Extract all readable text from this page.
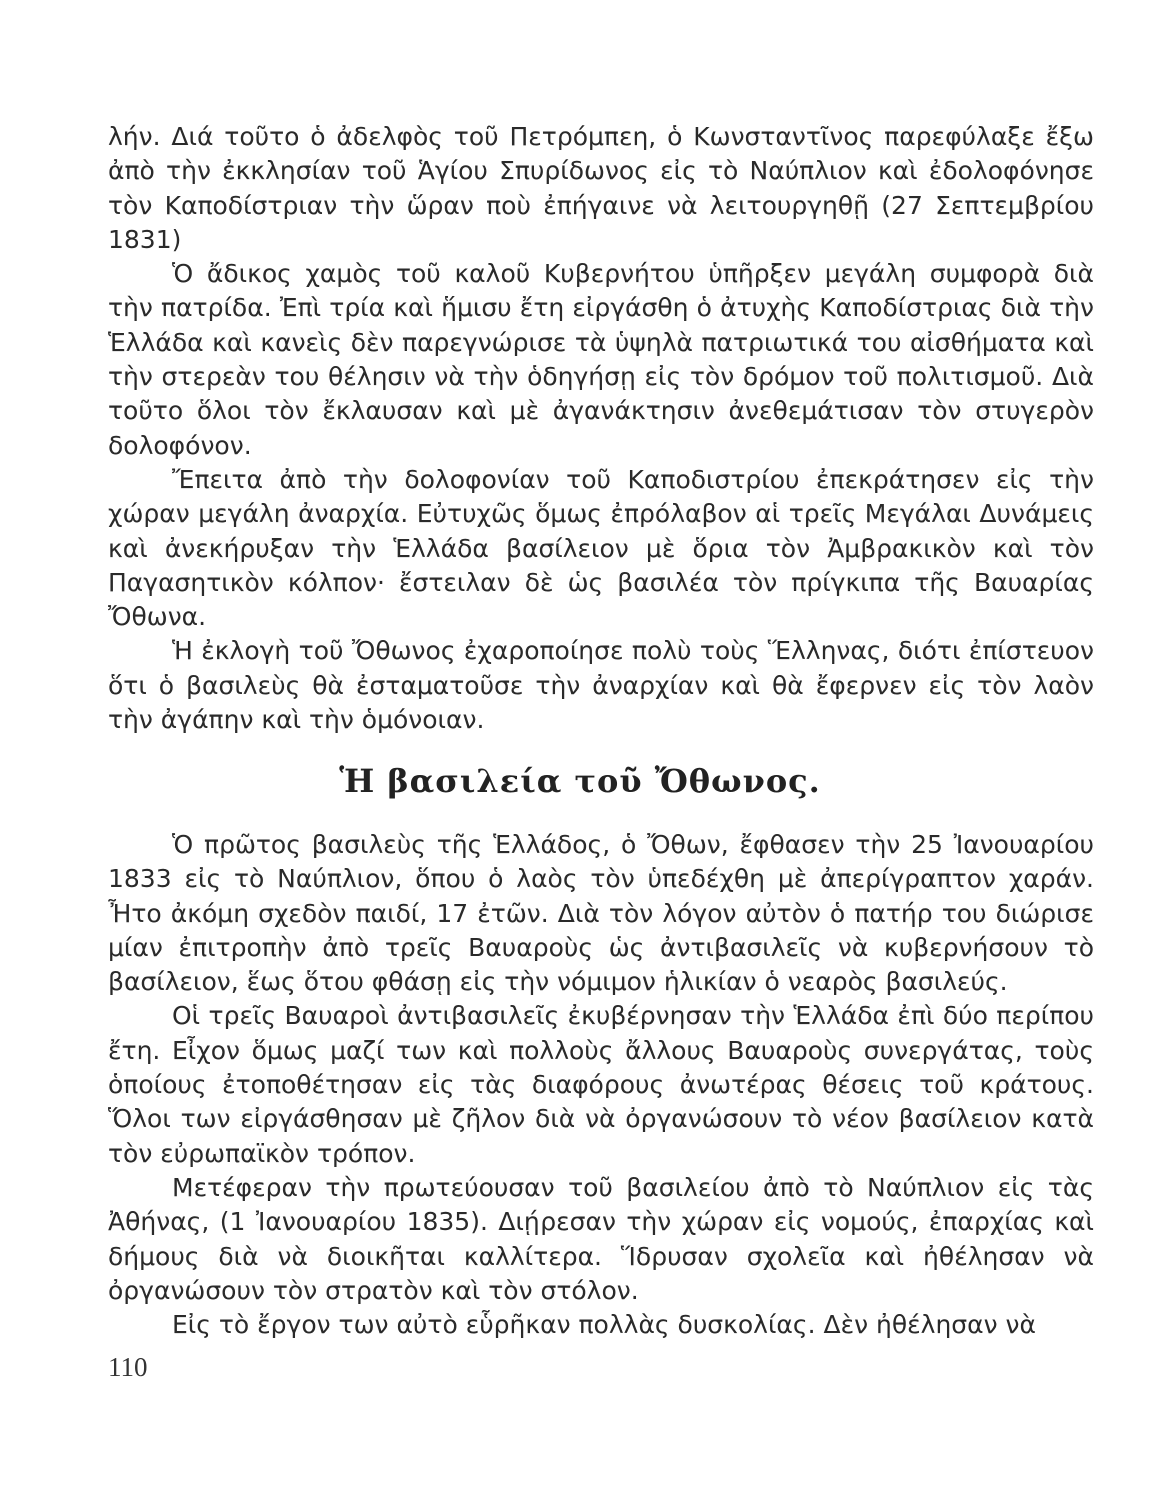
λήν. Διά τοῦτο ὁ ἀδελφὸς τοῦ Πετρόμπεη, ὁ Κωνσταντῖνος παρεφύλαξε ἔξω ἀπὸ τὴν ἐκκλησίαν τοῦ Ἁγίου Σπυρίδωνος εἰς τὸ Ναύπλιον καὶ ἐδολοφόνησε τὸν Καποδίστριαν τὴν ὥραν ποὺ ἐπήγαινε νὰ λειτουργηθῇ (27 Σεπτεμβρίου 1831)

Ὁ ἄδικος χαμὸς τοῦ καλοῦ Κυβερνήτου ὑπῆρξεν μεγάλη συμφορὰ διὰ τὴν πατρίδα. Ἐπὶ τρία καὶ ἥμισυ ἔτη εἰργάσθη ὁ ἀτυχὴς Καποδίστριας διὰ τὴν Ἑλλάδα καὶ κανεὶς δὲν παρεγνώρισε τὰ ὑψηλὰ πατριωτικά του αἰσθήματα καὶ τὴν στερεὰν του θέλησιν νὰ τὴν ὁδηγήσῃ εἰς τὸν δρόμον τοῦ πολιτισμοῦ. Διὰ τοῦτο ὅλοι τὸν ἔκλαυσαν καὶ μὲ ἀγανάκτησιν ἀνεθεμάτισαν τὸν στυγερὸν δολοφόνον.

Ἔπειτα ἀπὸ τὴν δολοφονίαν τοῦ Καποδιστρίου ἐπεκράτησεν εἰς τὴν χώραν μεγάλη ἀναρχία. Εὐτυχῶς ὅμως ἐπρόλαβον αἱ τρεῖς Μεγάλαι Δυνάμεις καὶ ἀνεκήρυξαν τὴν Ἑλλάδα βασίλειον μὲ ὅρια τὸν Ἀμβρακικὸν καὶ τὸν Παγασητικὸν κόλπον· ἔστειλαν δὲ ὡς βασιλέα τὸν πρίγκιπα τῆς Βαυαρίας Ὄθωνα.

Ἡ ἐκλογὴ τοῦ Ὄθωνος ἐχαροποίησε πολὺ τοὺς Ἕλληνας, διότι ἐπίστευον ὅτι ὁ βασιλεὺς θὰ ἐσταματοῦσε τὴν ἀναρχίαν καὶ θὰ ἔφερνεν εἰς τὸν λαὸν τὴν ἀγάπην καὶ τὴν ὁμόνοιαν.

Ἡ βασιλεία τοῦ Ὄθωνος.

Ὁ πρῶτος βασιλεὺς τῆς Ἑλλάδος, ὁ Ὄθων, ἔφθασεν τὴν 25 Ἰανουαρίου 1833 εἰς τὸ Ναύπλιον, ὅπου ὁ λαὸς τὸν ὑπεδέχθη μὲ ἀπερίγραπτον χαράν. Ἦτο ἀκόμη σχεδὸν παιδί, 17 ἐτῶν. Διὰ τὸν λόγον αὐτὸν ὁ πατήρ του διώρισε μίαν ἐπιτροπὴν ἀπὸ τρεῖς Βαυαροὺς ὡς ἀντιβασιλεῖς νὰ κυβερνήσουν τὸ βασίλειον, ἕως ὅτου φθάσῃ εἰς τὴν νόμιμον ἡλικίαν ὁ νεαρὸς βασιλεύς.

Οἱ τρεῖς Βαυαροὶ ἀντιβασιλεῖς ἐκυβέρνησαν τὴν Ἑλλάδα ἐπὶ δύο περίπου ἔτη. Εἶχον ὅμως μαζί των καὶ πολλοὺς ἄλλους Βαυαροὺς συνεργάτας, τοὺς ὁποίους ἐτοποθέτησαν εἰς τὰς διαφόρους ἀνωτέρας θέσεις τοῦ κράτους. Ὅλοι των εἰργάσθησαν μὲ ζῆλον διὰ νὰ ὀργανώσουν τὸ νέον βασίλειον κατὰ τὸν εὐρωπαϊκὸν τρόπον.

Μετέφεραν τὴν πρωτεύουσαν τοῦ βασιλείου ἀπὸ τὸ Ναύπλιον εἰς τὰς Ἀθήνας, (1 Ἰανουαρίου 1835). Διῄρεσαν τὴν χώραν εἰς νομούς, ἐπαρχίας καὶ δήμους διὰ νὰ διοικῆται καλλίτερα. Ἵδρυσαν σχολεῖα καὶ ἠθέλησαν νὰ ὀργανώσουν τὸν στρατὸν καὶ τὸν στόλον.

Εἰς τὸ ἔργον των αὐτὸ εὗρῆκαν πολλὰς δυσκολίας. Δὲν ἠθέλησαν νὰ

110
